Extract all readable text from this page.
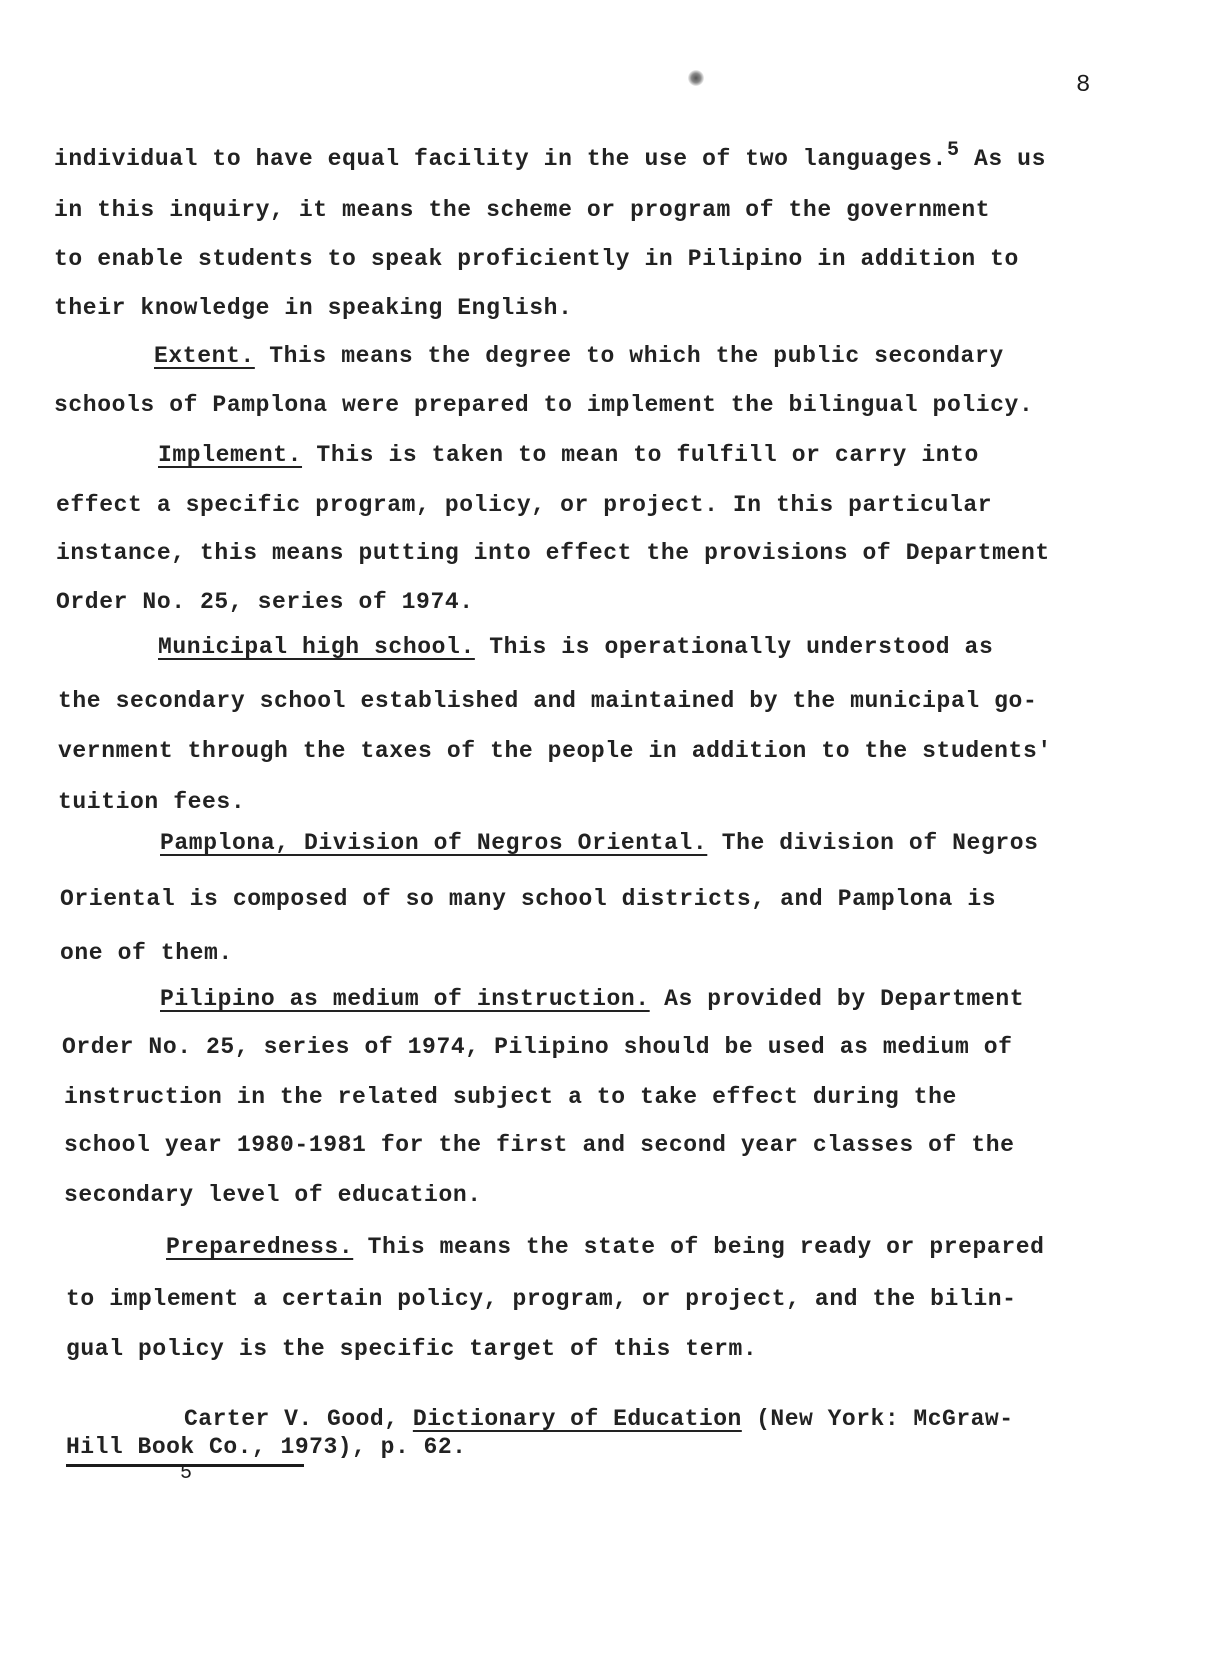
8
individual to have equal facility in the use of two languages.$^5$ As us
in this inquiry, it means the scheme or program of the government
to enable students to speak proficiently in Pilipino in addition to
their knowledge in speaking English.
Extent. This means the degree to which the public secondary
schools of Pamplona were prepared to implement the bilingual policy.
Implement. This is taken to mean to fulfill or carry into
effect a specific program, policy, or project. In this particular
instance, this means putting into effect the provisions of Department
Order No. 25, series of 1974.
Municipal high school. This is operationally understood as
the secondary school established and maintained by the municipal go-
vernment through the taxes of the people in addition to the students'
tuition fees.
Pamplona, Division of Negros Oriental. The division of Negros
Oriental is composed of so many school districts, and Pamplona is
one of them.
Pilipino as medium of instruction. As provided by Department
Order No. 25, series of 1974, Pilipino should be used as medium of
instruction in the related subject a to take effect during the
school year 1980-1981 for the first and second year classes of the
secondary level of education.
Preparedness. This means the state of being ready or prepared
to implement a certain policy, program, or project, and the bilin-
gual policy is the specific target of this term.
5
Carter V. Good, Dictionary of Education (New York: McGraw-
Hill Book Co., 1973), p. 62.
